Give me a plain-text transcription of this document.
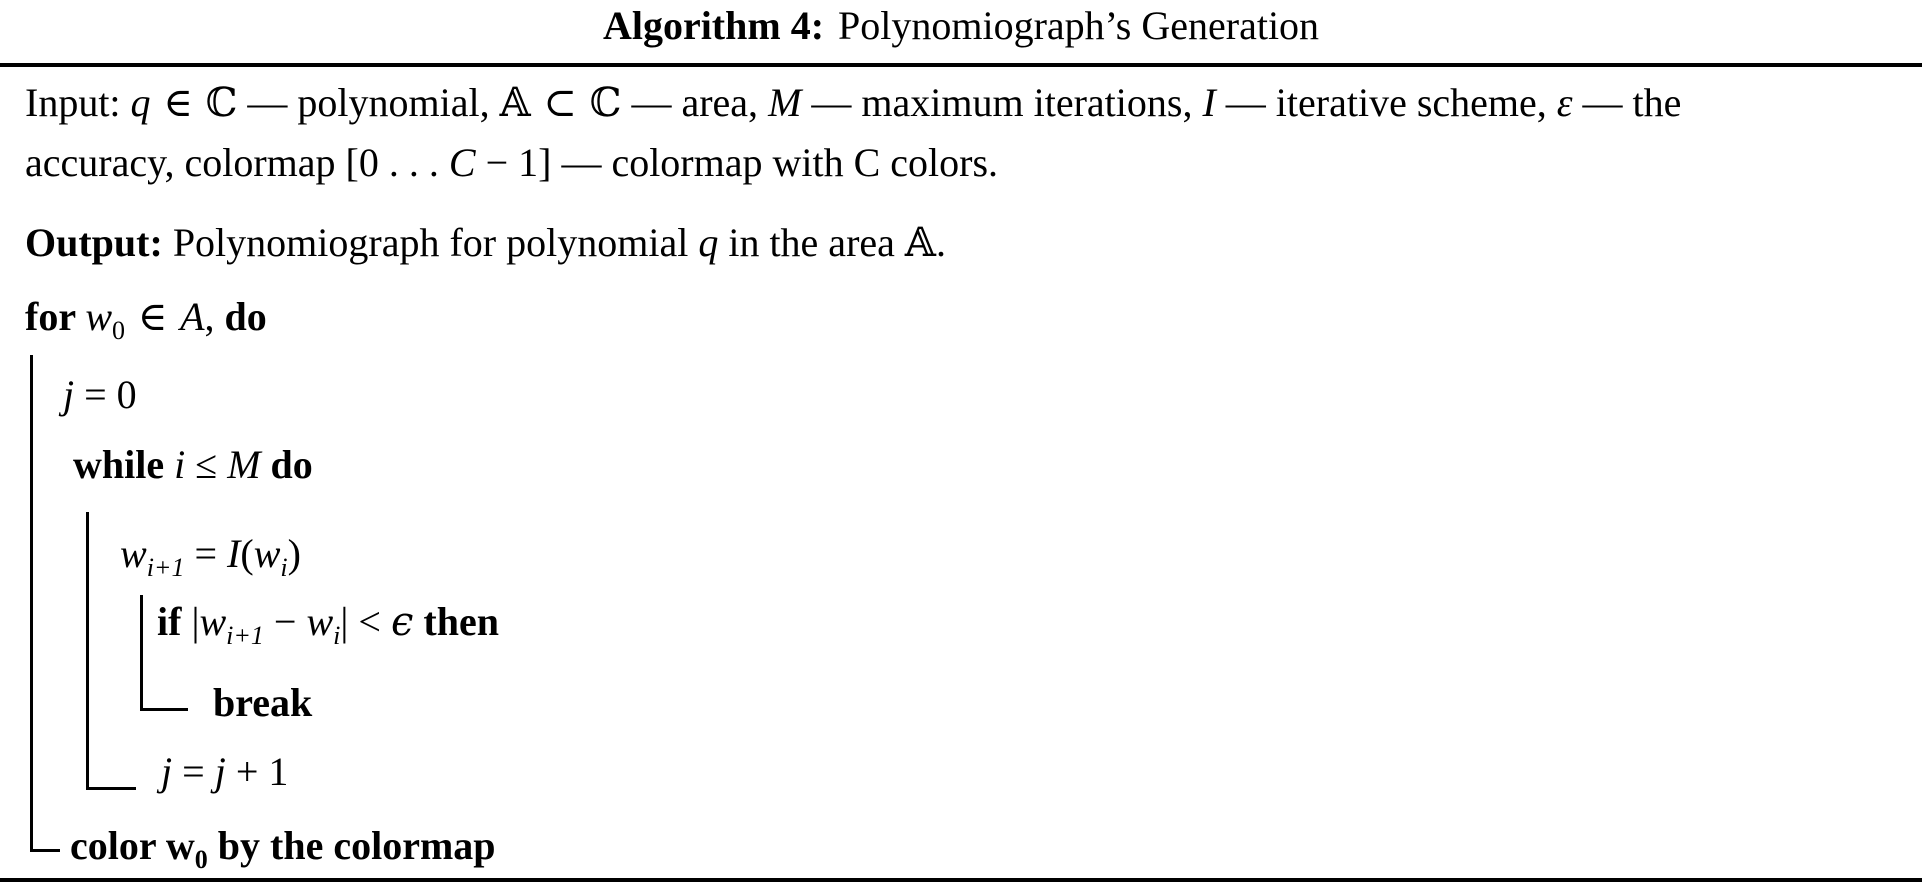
Algorithm 4: Polynomiograph’s Generation
Input: q ∈ ℂ — polynomial, 𝔸 ⊂ ℂ — area, M — maximum iterations, I — iterative scheme, ε — the
accuracy, colormap [0 . . . C − 1] — colormap with C colors.
Output: Polynomiograph for polynomial q in the area 𝔸.
for $w_0$ ∈ A, do
j = 0
while i ≤ M do
$w_{i+1} = I(w_i)$
if $|w_{i+1} - w_i| < \epsilon$ then
break
j = j + 1
color $w_0$ by the colormap
